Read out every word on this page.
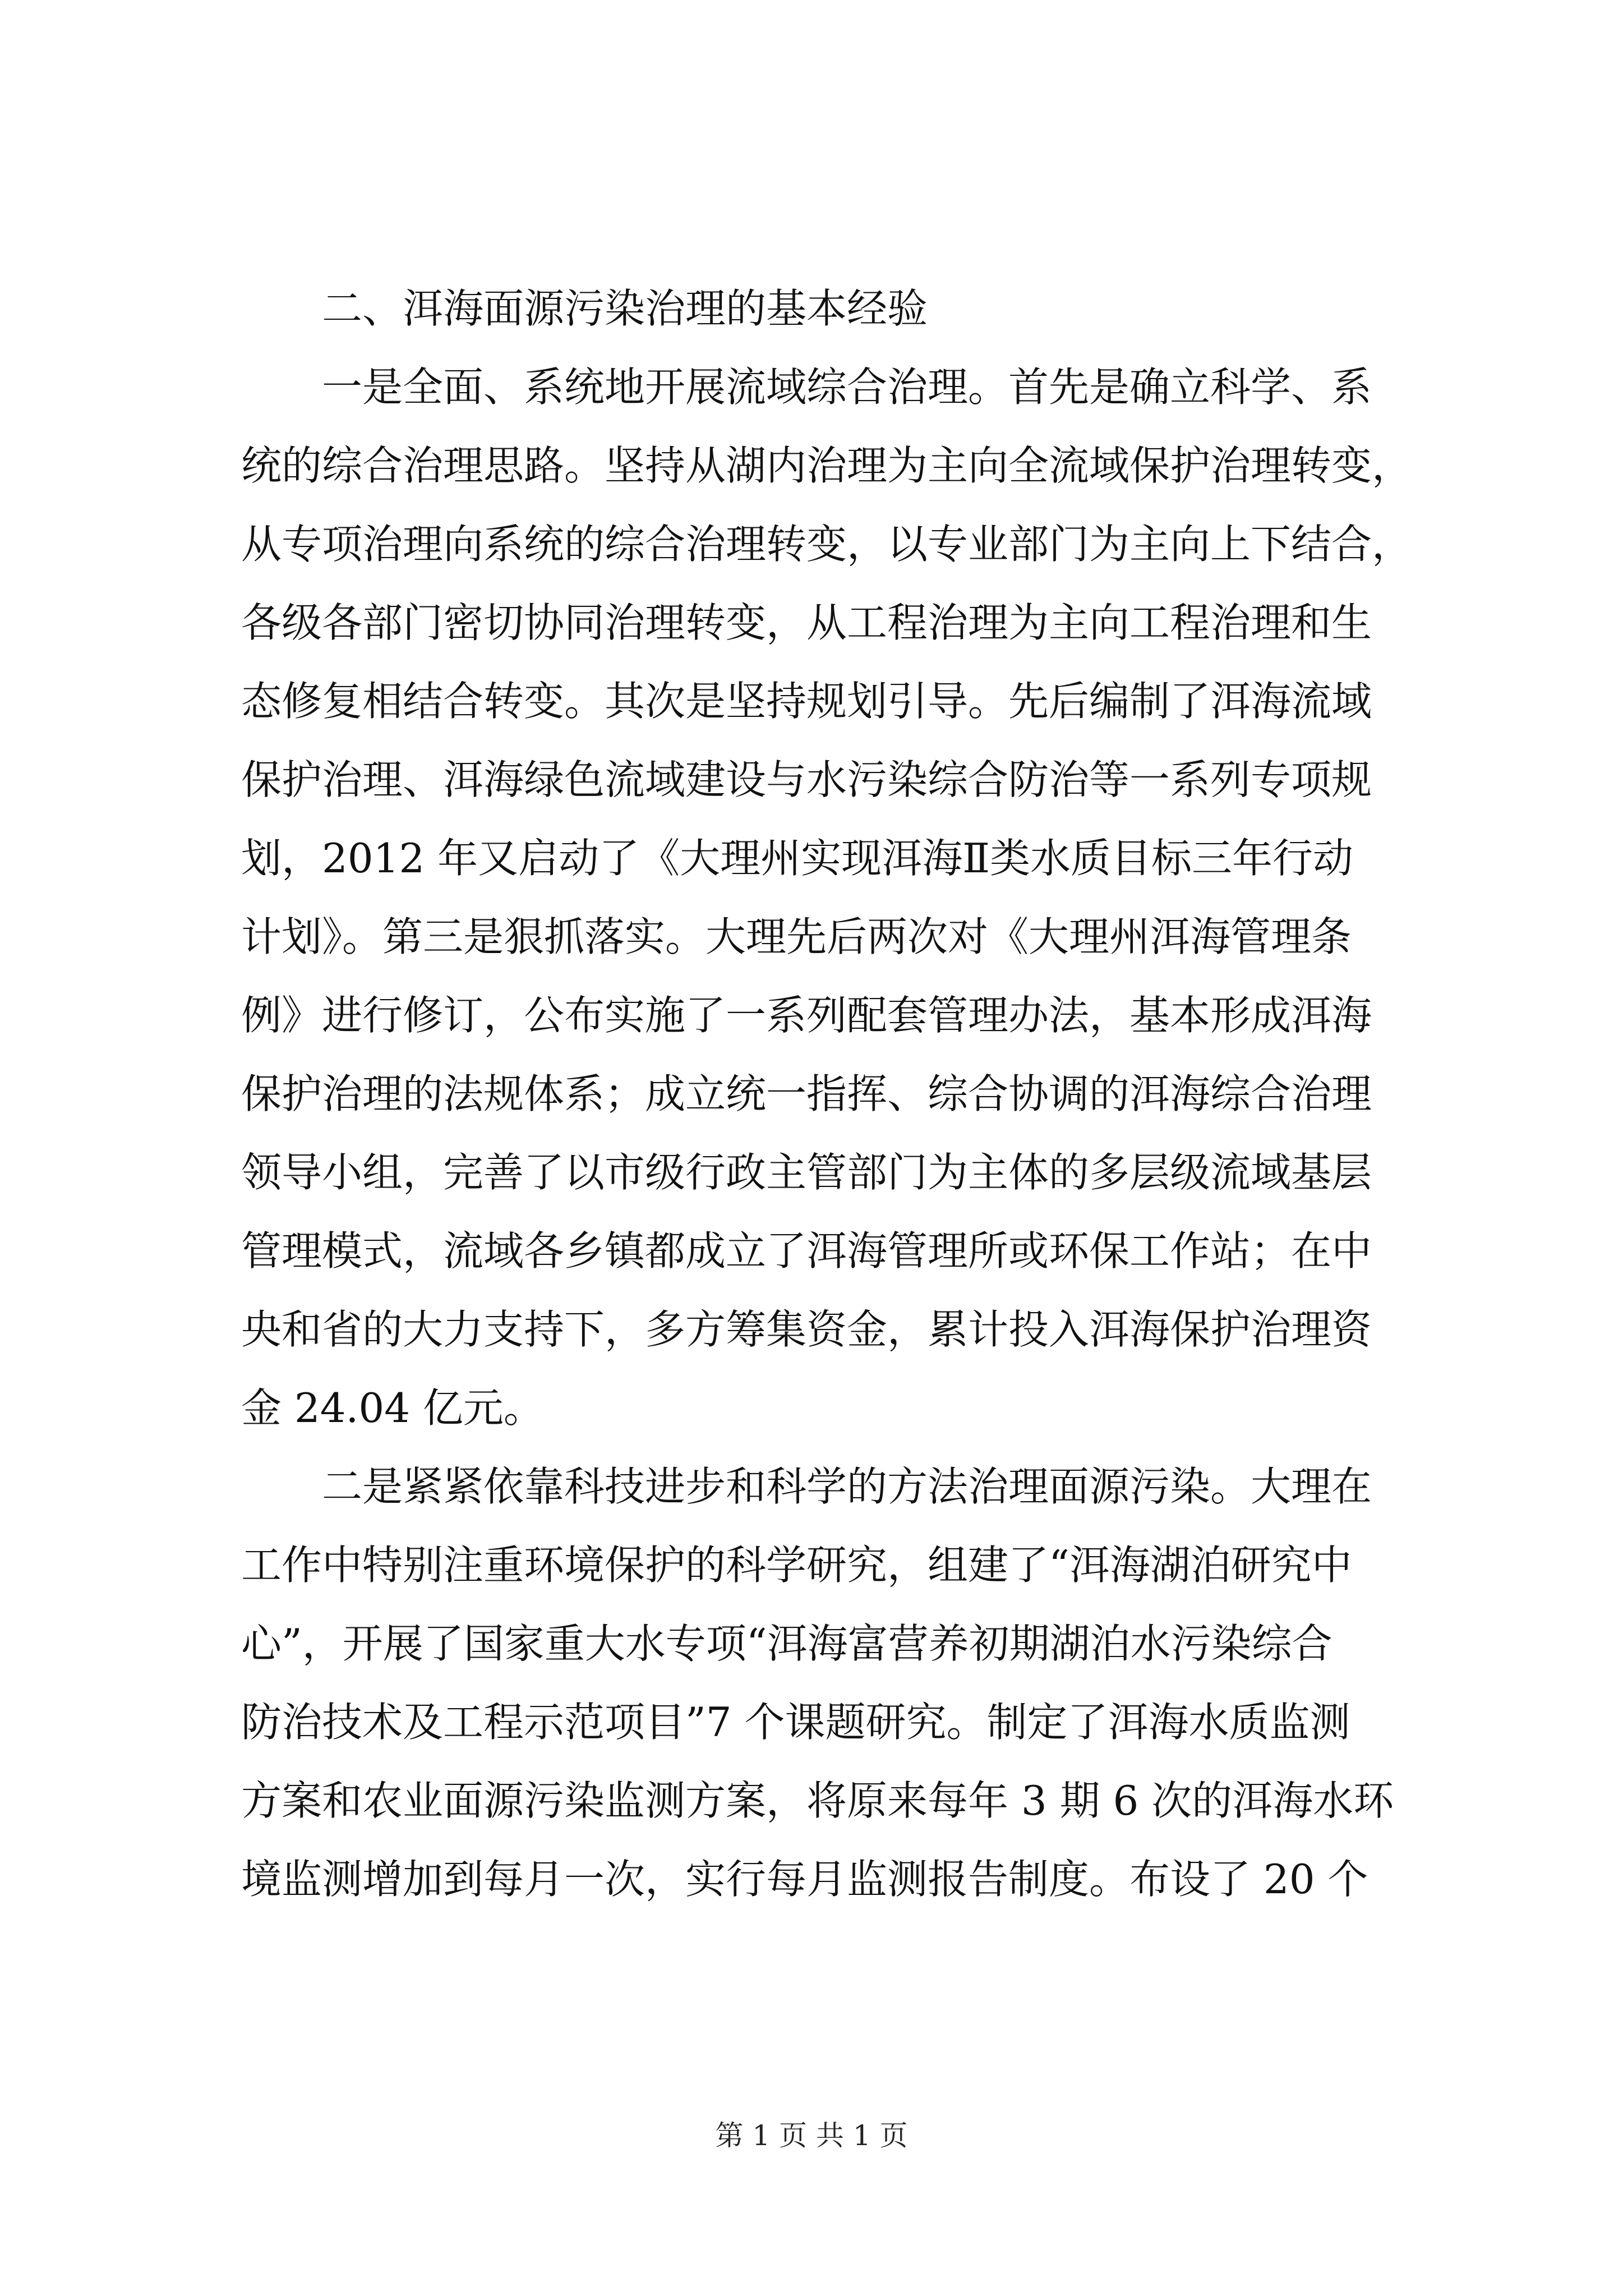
　　二、洱海面源污染治理的基本经验
　　一是全面、系统地开展流域综合治理。首先是确立科学、系
统的综合治理思路。坚持从湖内治理为主向全流域保护治理转变，
从专项治理向系统的综合治理转变，以专业部门为主向上下结合，
各级各部门密切协同治理转变，从工程治理为主向工程治理和生
态修复相结合转变。其次是坚持规划引导。先后编制了洱海流域
保护治理、洱海绿色流域建设与水污染综合防治等一系列专项规
划，2012 年又启动了《大理州实现洱海Ⅱ类水质目标三年行动
计划》。第三是狠抓落实。大理先后两次对《大理州洱海管理条
例》进行修订，公布实施了一系列配套管理办法，基本形成洱海
保护治理的法规体系；成立统一指挥、综合协调的洱海综合治理
领导小组，完善了以市级行政主管部门为主体的多层级流域基层
管理模式，流域各乡镇都成立了洱海管理所或环保工作站；在中
央和省的大力支持下，多方筹集资金，累计投入洱海保护治理资
金 24.04 亿元。
　　二是紧紧依靠科技进步和科学的方法治理面源污染。大理在
工作中特别注重环境保护的科学研究，组建了“洱海湖泊研究中
心”，开展了国家重大水专项“洱海富营养初期湖泊水污染综合
防治技术及工程示范项目”7 个课题研究。制定了洱海水质监测
方案和农业面源污染监测方案，将原来每年 3 期 6 次的洱海水环
境监测增加到每月一次，实行每月监测报告制度。布设了 20 个
第 1 页 共 1 页
